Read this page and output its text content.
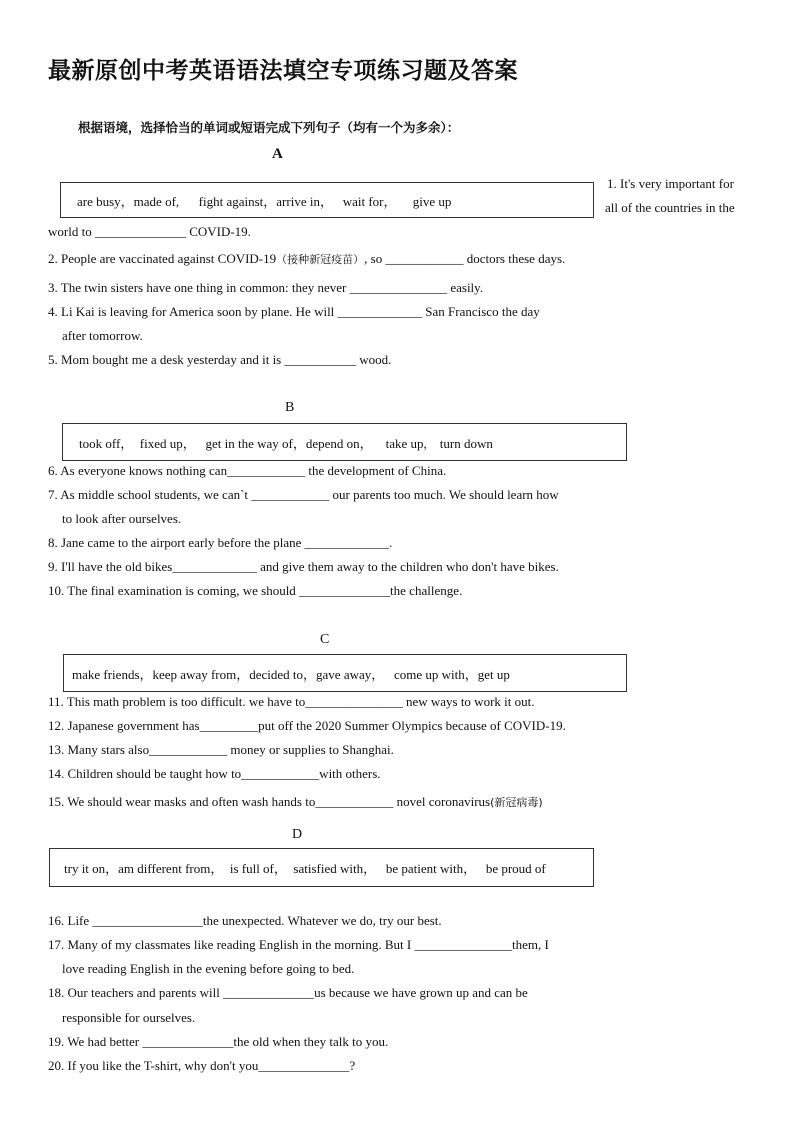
最新原创中考英语语法填空专项练习题及答案
根据语境，选择恰当的单词或短语完成下列句子（均有一个为多余）：
A
are busy，made of,      fight against，arrive in，   wait for，     give up
1. It's very important for
all of the countries in the
world to ______________ COVID-19.
2. People are vaccinated against COVID-19（接种新冠疫苗）, so ____________ doctors these days.
3. The twin sisters have one thing in common: they never _______________ easily.
4. Li Kai is leaving for America soon by plane. He will _____________ San Francisco the day
after tomorrow.
5. Mom bought me a desk yesterday and it is ___________ wood.
B
took off，  fixed up，   get in the way of，depend on，    take up,    turn down
6. As everyone knows nothing can____________ the development of China.
7. As middle school students, we can`t ____________ our parents too much. We should learn how
to look after ourselves.
8. Jane came to the airport early before the plane _____________.
9. I'll have the old bikes_____________ and give them away to the children who don't have bikes.
10. The final examination is coming, we should ______________the challenge.
C
make friends，keep away from，decided to，gave away，   come up with，get up
11. This math problem is too difficult. we have to_______________ new ways to work it out.
12. Japanese government has_________put off the 2020 Summer Olympics because of COVID-19.
13. Many stars also____________ money or supplies to Shanghai.
14. Children should be taught how to____________with others.
15. We should wear masks and often wash hands to____________ novel coronavirus(新冠病毒)
D
try it on，am different from，  is full of，  satisfied with，   be patient with，   be proud of
16. Life _________________the unexpected. Whatever we do, try our best.
17. Many of my classmates like reading English in the morning. But I _______________them, I
love reading English in the evening before going to bed.
18. Our teachers and parents will ______________us because we have grown up and can be
responsible for ourselves.
19. We had better ______________the old when they talk to you.
20. If you like the T-shirt, why don't you______________?
